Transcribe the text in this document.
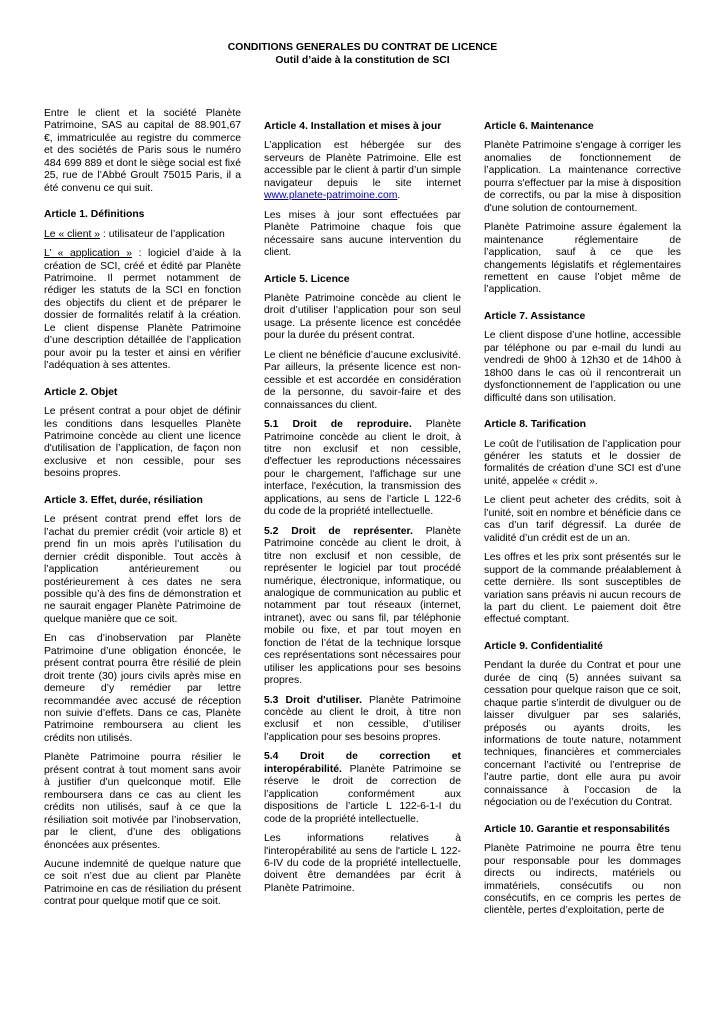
CONDITIONS GENERALES DU CONTRAT DE LICENCE
Outil d’aide à la constitution de SCI

Entre le client et la société Planète Patrimoine, SAS au capital de 88.901,67 €, immatriculée au registre du commerce et des sociétés de Paris sous le numéro 484 699 889 et dont le siège social est fixé 25, rue de l’Abbé Groult 75015 Paris, il a été convenu ce qui suit.

Article 1. Définitions

Le « client » : utilisateur de l’application

L’ « application » : logiciel d’aide à la création de SCI, créé et édité par Planète Patrimoine. Il permet notamment de rédiger les statuts de la SCI en fonction des objectifs du client et de préparer le dossier de formalités relatif à la création. Le client dispense Planète Patrimoine d’une description détaillée de l’application pour avoir pu la tester et ainsi en vérifier l’adéquation à ses attentes.

Article 2. Objet

Le présent contrat a pour objet de définir les conditions dans lesquelles Planète Patrimoine concède au client une licence d'utilisation de l’application, de façon non exclusive et non cessible, pour ses besoins propres.

Article 3. Effet, durée, résiliation

Le présent contrat prend effet lors de l’achat du premier crédit (voir article 8) et prend fin un mois après l’utilisation du dernier crédit disponible. Tout accès à l’application antérieurement ou postérieurement à ces dates ne sera possible qu’à des fins de démonstration et ne saurait engager Planète Patrimoine de quelque manière que ce soit.

En cas d’inobservation par Planète Patrimoine d’une obligation énoncée, le présent contrat pourra être résilié de plein droit trente (30) jours civils après mise en demeure d’y remédier par lettre recommandée avec accusé de réception non suivie d’effets. Dans ce cas, Planète Patrimoine remboursera au client les crédits non utilisés.

Planète Patrimoine pourra résilier le présent contrat à tout moment sans avoir à justifier d’un quelconque motif. Elle remboursera dans ce cas au client les crédits non utilisés, sauf à ce que la résiliation soit motivée par l’inobservation, par le client, d’une des obligations énoncées aux présentes.

Aucune indemnité de quelque nature que ce soit n’est due au client par Planète Patrimoine en cas de résiliation du présent contrat pour quelque motif que ce soit.

Article 4. Installation et mises à jour

L’application est hébergée sur des serveurs de Planète Patrimoine. Elle est accessible par le client à partir d’un simple navigateur depuis le site internet www.planete-patrimoine.com.

Les mises à jour sont effectuées par Planète Patrimoine chaque fois que nécessaire sans aucune intervention du client.

Article 5. Licence

Planète Patrimoine concède au client le droit d’utiliser l’application pour son seul usage. La présente licence est concédée pour la durée du présent contrat.

Le client ne bénéficie d’aucune exclusivité. Par ailleurs, la présente licence est non-cessible et est accordée en considération de la personne, du savoir-faire et des connaissances du client.

5.1 Droit de reproduire. Planète Patrimoine concède au client le droit, à titre non exclusif et non cessible, d'effectuer les reproductions nécessaires pour le chargement, l'affichage sur une interface, l'exécution, la transmission des applications, au sens de l’article L 122-6 du code de la propriété intellectuelle.

5.2 Droit de représenter. Planète Patrimoine concède au client le droit, à titre non exclusif et non cessible, de représenter le logiciel par tout procédé numérique, électronique, informatique, ou analogique de communication au public et notamment par tout réseaux (internet, intranet), avec ou sans fil, par téléphonie mobile ou fixe, et par tout moyen en fonction de l’état de la technique lorsque ces représentations sont nécessaires pour utiliser les applications pour ses besoins propres.

5.3 Droit d'utiliser. Planète Patrimoine concède au client le droit, à titre non exclusif et non cessible, d’utiliser l’application pour ses besoins propres.

5.4 Droit de correction et interopérabilité. Planète Patrimoine se réserve le droit de correction de l’application conformément aux dispositions de l’article L 122-6-1-I du code de la propriété intellectuelle.

Les informations relatives à l'interopérabilité au sens de l'article L 122-6-IV du code de la propriété intellectuelle, doivent être demandées par écrit à Planète Patrimoine.

Article 6. Maintenance

Planète Patrimoine s'engage à corriger les anomalies de fonctionnement de l’application. La maintenance corrective pourra s'effectuer par la mise à disposition de correctifs, ou par la mise à disposition d'une solution de contournement.

Planète Patrimoine assure également la maintenance réglementaire de l’application, sauf à ce que les changements législatifs et réglementaires remettent en cause l’objet même de l’application.

Article 7. Assistance

Le client dispose d’une hotline, accessible par téléphone ou par e-mail du lundi au vendredi de 9h00 à 12h30 et de 14h00 à 18h00 dans le cas où il rencontrerait un dysfonctionnement de l’application ou une difficulté dans son utilisation.

Article 8. Tarification

Le coût de l’utilisation de l’application pour générer les statuts et le dossier de formalités de création d’une SCI est d’une unité, appelée « crédit ».

Le client peut acheter des crédits, soit à l’unité, soit en nombre et bénéficie dans ce cas d’un tarif dégressif. La durée de validité d’un crédit est de un an.

Les offres et les prix sont présentés sur le support de la commande préalablement à cette dernière. Ils sont susceptibles de variation sans préavis ni aucun recours de la part du client. Le paiement doit être effectué comptant.

Article 9. Confidentialité

Pendant la durée du Contrat et pour une durée de cinq (5) années suivant sa cessation pour quelque raison que ce soit, chaque partie s’interdit de divulguer ou de laisser divulguer par ses salariés, préposés ou ayants droits, les informations de toute nature, notamment techniques, financières et commerciales concernant l’activité ou l’entreprise de l’autre partie, dont elle aura pu avoir connaissance à l’occasion de la négociation ou de l’exécution du Contrat.

Article 10. Garantie et responsabilités

Planète Patrimoine ne pourra être tenu pour responsable pour les dommages directs ou indirects, matériels ou immatériels, consécutifs ou non consécutifs, en ce compris les pertes de clientèle, pertes d’exploitation, perte de
